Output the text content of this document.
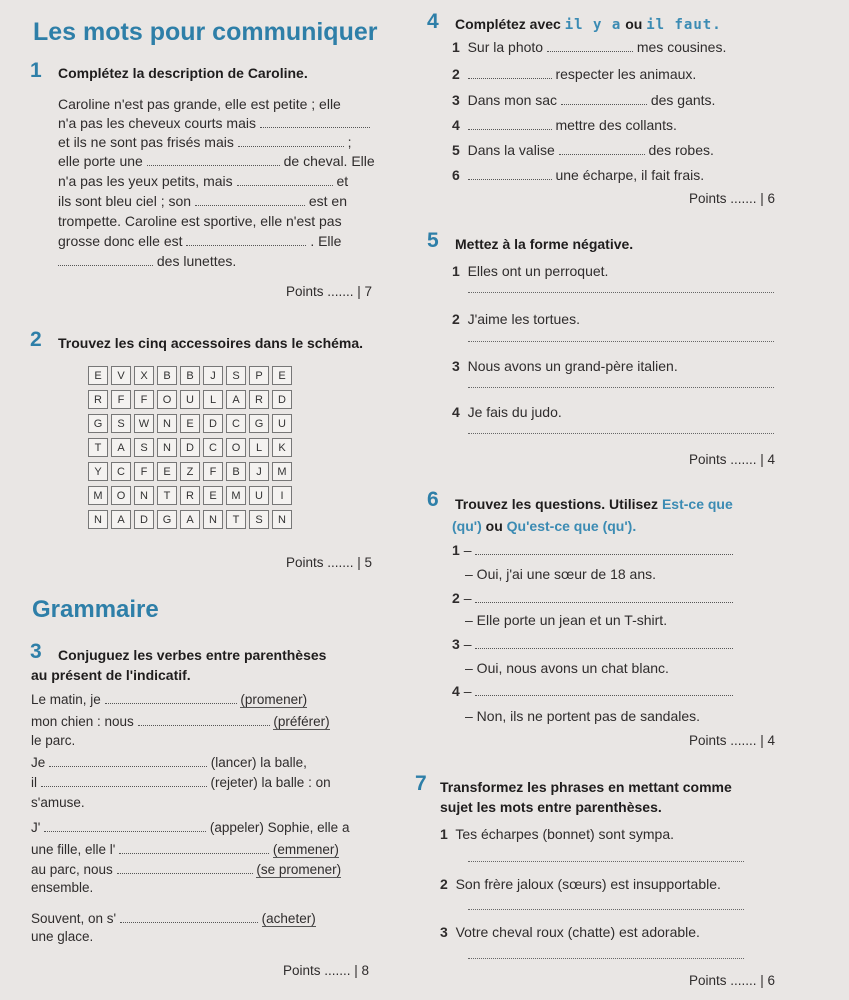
Les mots pour communiquer
1 Complétez la description de Caroline.
Caroline n'est pas grande, elle est petite ; elle
n'a pas les cheveux courts mais
et ils ne sont pas frisés mais	;
elle porte une	de cheval. Elle
n'a pas les yeux petits, mais	et
ils sont bleu ciel ; son	est en
trompette. Caroline est sportive, elle n'est pas
grosse donc elle est	. Elle
des lunettes.
Points ....... | 7
2 Trouvez les cinq accessoires dans le schéma.
E	V	X	B	B	J	S	P	E
R	F	F	O	U	L	A	R	D
G	S	W	N	E	D	C	G	U
T	A	S	N	D	C	O	L	K
Y	C	F	E	Z	F	B	J	M
M	O	N	T	R	E	M	U	I
N	A	D	G	A	N	T	S	N
Points ....... | 5
Grammaire
3 Conjuguez les verbes entre parenthèses
au présent de l'indicatif.
Le matin, je	(promener)
mon chien : nous	(préférer)
le parc.
Je	(lancer) la balle,
il	(rejeter) la balle : on
s'amuse.
J'	(appeler) Sophie, elle a
une fille, elle l'	(emmener)
au parc, nous	(se promener)
ensemble.
Souvent, on s'	(acheter)
une glace.
Points ....... | 8
4 Complétez avec il y a ou il faut.
1 Sur la photo	mes cousines.
2	respecter les animaux.
3 Dans mon sac	des gants.
4	mettre des collants.
5 Dans la valise	des robes.
6	une écharpe, il fait frais.
Points ....... | 6
5 Mettez à la forme négative.
1 Elles ont un perroquet.
2 J'aime les tortues.
3 Nous avons un grand-père italien.
4 Je fais du judo.
Points ....... | 4
6 Trouvez les questions. Utilisez Est-ce que
(qu') ou Qu'est-ce que (qu').
1 –
– Oui, j'ai une sœur de 18 ans.
2 –
– Elle porte un jean et un T-shirt.
3 –
– Oui, nous avons un chat blanc.
4 –
– Non, ils ne portent pas de sandales.
Points ....... | 4
7 Transformez les phrases en mettant comme
sujet les mots entre parenthèses.
1 Tes écharpes (bonnet) sont sympa.
2 Son frère jaloux (sœurs) est insupportable.
3 Votre cheval roux (chatte) est adorable.
Points ....... | 6
